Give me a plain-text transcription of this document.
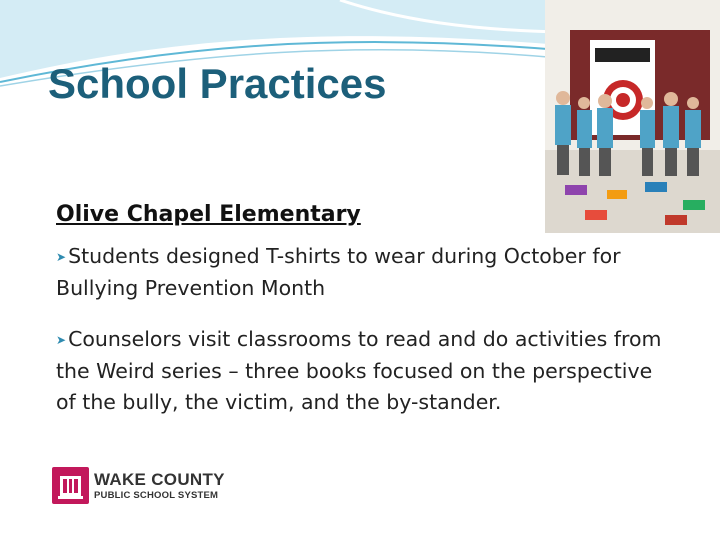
School Practices
Olive Chapel Elementary
➤Students designed T-shirts to wear during October for Bullying Prevention Month
➤Counselors visit classrooms to read and do activities from the Weird series – three books focused on the perspective of the bully, the victim, and the by-stander.
WAKE COUNTY
PUBLIC SCHOOL SYSTEM
